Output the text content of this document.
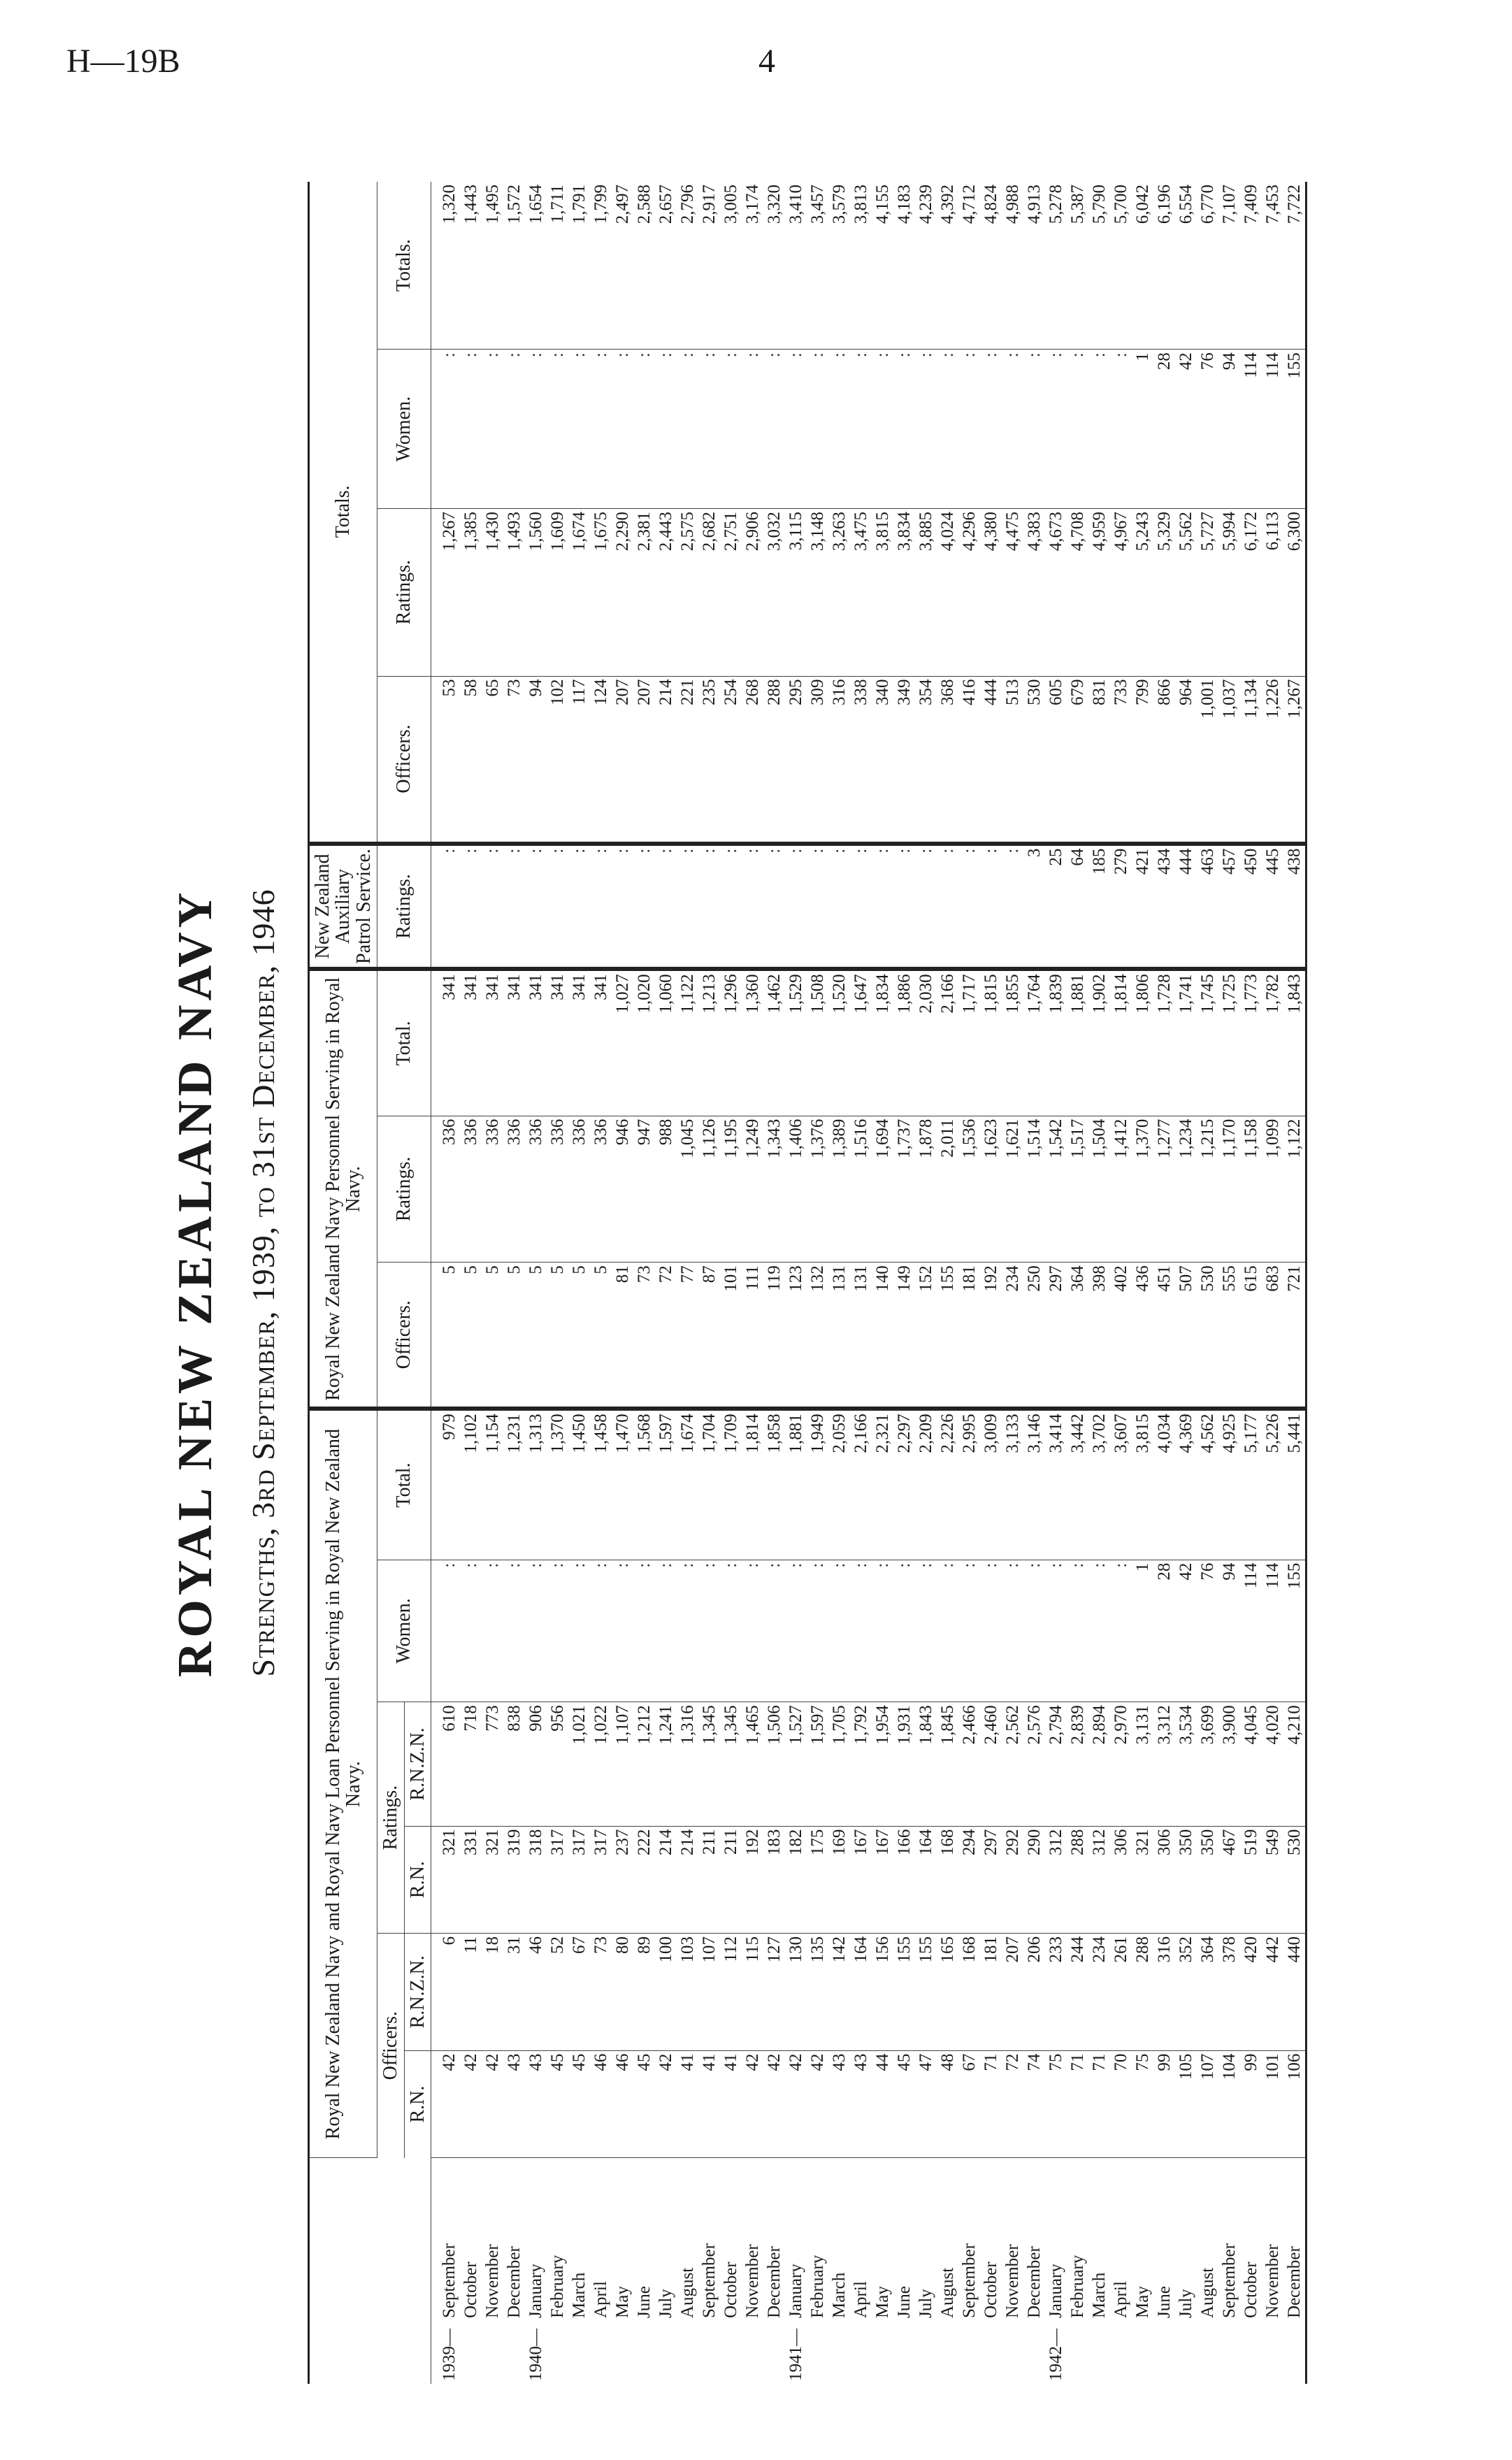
H—19B	4
ROYAL NEW ZEALAND NAVY Strengths, 3rd September, 1939, to 31st December, 1946
	Royal New Zealand Navy and Royal Navy Loan Personnel Serving in Royal New Zealand Navy.						Royal New Zealand Navy Personnel Serving in Royal Navy.			New Zealand Auxiliary Patrol Service.	Totals.			
	Officers.		Ratings.		Women.	Total.	Officers.	Ratings.	Total.	Ratings.	Officers.	Ratings.	Women.	Totals.
	R.N.	R.N.Z.N.	R.N.	R.N.Z.N.										
1939—September	42	6	321	610	:	979	5	336	341	:	53	1,267	:	1,320
October	42	11	331	718	:	1,102	5	336	341	:	58	1,385	:	1,443
November	42	18	321	773	:	1,154	5	336	341	:	65	1,430	:	1,495
December	43	31	319	838	:	1,231	5	336	341	:	73	1,493	:	1,572
1940—January	43	46	318	906	:	1,313	5	336	341	:	94	1,560	:	1,654
February	45	52	317	956	:	1,370	5	336	341	:	102	1,609	:	1,711
March	45	67	317	1,021	:	1,450	5	336	341	:	117	1,674	:	1,791
April	46	73	317	1,022	:	1,458	5	336	341	:	124	1,675	:	1,799
May	46	80	237	1,107	:	1,470	81	946	1,027	:	207	2,290	:	2,497
June	45	89	222	1,212	:	1,568	73	947	1,020	:	207	2,381	:	2,588
July	42	100	214	1,241	:	1,597	72	988	1,060	:	214	2,443	:	2,657
August	41	103	214	1,316	:	1,674	77	1,045	1,122	:	221	2,575	:	2,796
September	41	107	211	1,345	:	1,704	87	1,126	1,213	:	235	2,682	:	2,917
October	41	112	211	1,345	:	1,709	101	1,195	1,296	:	254	2,751	:	3,005
November	42	115	192	1,465	:	1,814	111	1,249	1,360	:	268	2,906	:	3,174
December	42	127	183	1,506	:	1,858	119	1,343	1,462	:	288	3,032	:	3,320
1941—January	42	130	182	1,527	:	1,881	123	1,406	1,529	:	295	3,115	:	3,410
February	42	135	175	1,597	:	1,949	132	1,376	1,508	:	309	3,148	:	3,457
March	43	142	169	1,705	:	2,059	131	1,389	1,520	:	316	3,263	:	3,579
April	43	164	167	1,792	:	2,166	131	1,516	1,647	:	338	3,475	:	3,813
May	44	156	167	1,954	:	2,321	140	1,694	1,834	:	340	3,815	:	4,155
June	45	155	166	1,931	:	2,297	149	1,737	1,886	:	349	3,834	:	4,183
July	47	155	164	1,843	:	2,209	152	1,878	2,030	:	354	3,885	:	4,239
August	48	165	168	1,845	:	2,226	155	2,011	2,166	:	368	4,024	:	4,392
September	67	168	294	2,466	:	2,995	181	1,536	1,717	:	416	4,296	:	4,712
October	71	181	297	2,460	:	3,009	192	1,623	1,815	:	444	4,380	:	4,824
November	72	207	292	2,562	:	3,133	234	1,621	1,855	:	513	4,475	:	4,988
December	74	206	290	2,576	:	3,146	250	1,514	1,764	3	530	4,383	:	4,913
1942—January	75	233	312	2,794	:	3,414	297	1,542	1,839	25	605	4,673	:	5,278
February	71	244	288	2,839	:	3,442	364	1,517	1,881	64	679	4,708	:	5,387
March	71	234	312	2,894	:	3,702	398	1,504	1,902	185	831	4,959	:	5,790
April	70	261	306	2,970	:	3,607	402	1,412	1,814	279	733	4,967	:	5,700
May	75	288	321	3,131	1	3,815	436	1,370	1,806	421	799	5,243	1	6,042
June	99	316	306	3,312	28	4,034	451	1,277	1,728	434	866	5,329	28	6,196
July	105	352	350	3,534	42	4,369	507	1,234	1,741	444	964	5,562	42	6,554
August	107	364	350	3,699	76	4,562	530	1,215	1,745	463	1,001	5,727	76	6,770
September	104	378	467	3,900	94	4,925	555	1,170	1,725	457	1,037	5,994	94	7,107
October	99	420	519	4,045	114	5,177	615	1,158	1,773	450	1,134	6,172	114	7,409
November	101	442	549	4,020	114	5,226	683	1,099	1,782	445	1,226	6,113	114	7,453
December	106	440	530	4,210	155	5,441	721	1,122	1,843	438	1,267	6,300	155	7,722
